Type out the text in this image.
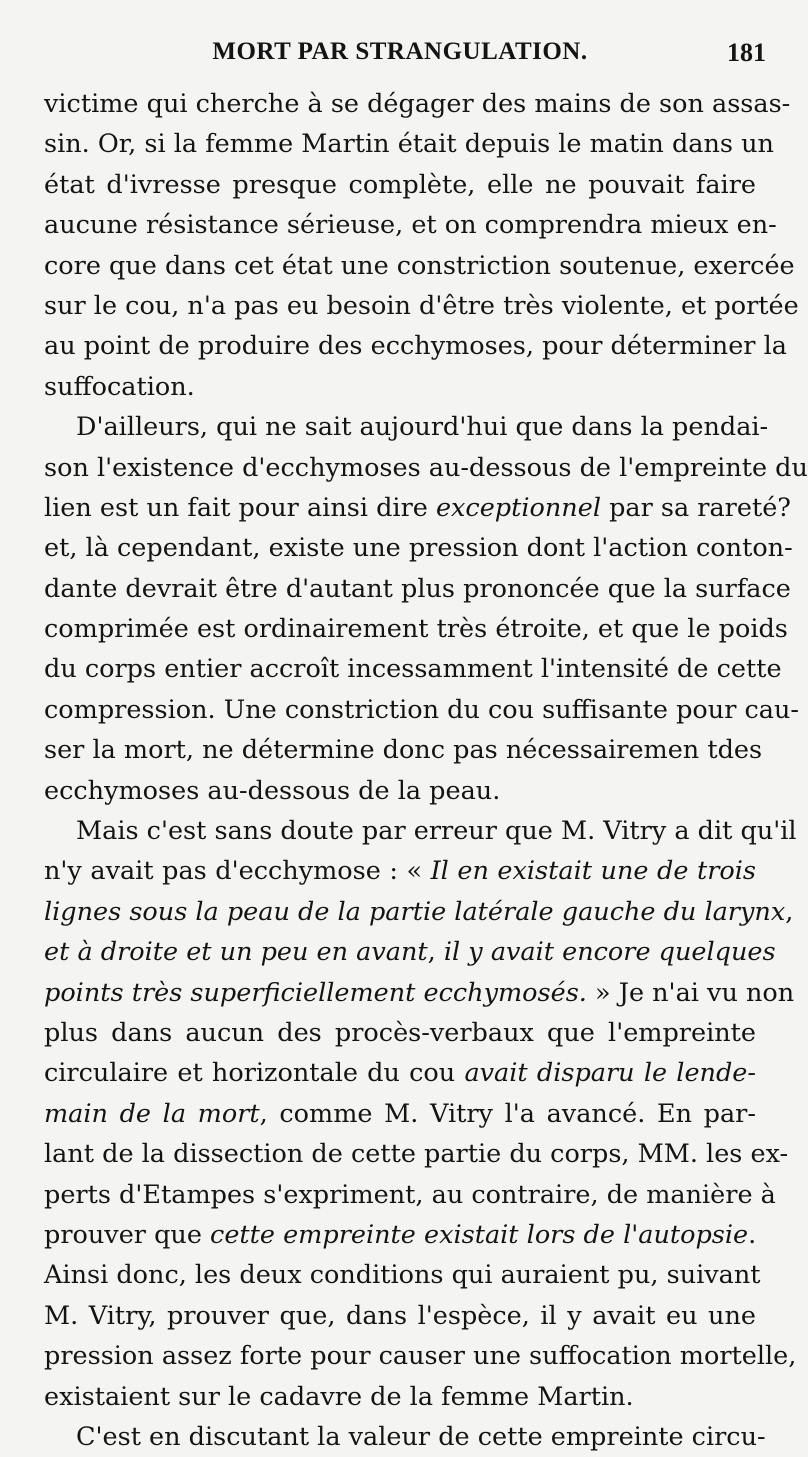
MORT PAR STRANGULATION.	181
victime qui cherche à se dégager des mains de son assas-
sin. Or, si la femme Martin était depuis le matin dans un
état d'ivresse presque complète, elle ne pouvait faire
aucune résistance sérieuse, et on comprendra mieux en-
core que dans cet état une constriction soutenue, exercée
sur le cou, n'a pas eu besoin d'être très violente, et portée
au point de produire des ecchymoses, pour déterminer la
suffocation.
D'ailleurs, qui ne sait aujourd'hui que dans la pendai-
son l'existence d'ecchymoses au-dessous de l'empreinte du
lien est un fait pour ainsi dire exceptionnel par sa rareté?
et, là cependant, existe une pression dont l'action conton-
dante devrait être d'autant plus prononcée que la surface
comprimée est ordinairement très étroite, et que le poids
du corps entier accroît incessamment l'intensité de cette
compression. Une constriction du cou suffisante pour cau-
ser la mort, ne détermine donc pas nécessairemen tdes
ecchymoses au-dessous de la peau.
Mais c'est sans doute par erreur que M. Vitry a dit qu'il
n'y avait pas d'ecchymose : « Il en existait une de trois
lignes sous la peau de la partie latérale gauche du larynx,
et à droite et un peu en avant, il y avait encore quelques
points très superficiellement ecchymosés. » Je n'ai vu non
plus dans aucun des procès-verbaux que l'empreinte
circulaire et horizontale du cou avait disparu le lende-
main de la mort, comme M. Vitry l'a avancé. En par-
lant de la dissection de cette partie du corps, MM. les ex-
perts d'Etampes s'expriment, au contraire, de manière à
prouver que cette empreinte existait lors de l'autopsie.
Ainsi donc, les deux conditions qui auraient pu, suivant
M. Vitry, prouver que, dans l'espèce, il y avait eu une
pression assez forte pour causer une suffocation mortelle,
existaient sur le cadavre de la femme Martin.
C'est en discutant la valeur de cette empreinte circu-
